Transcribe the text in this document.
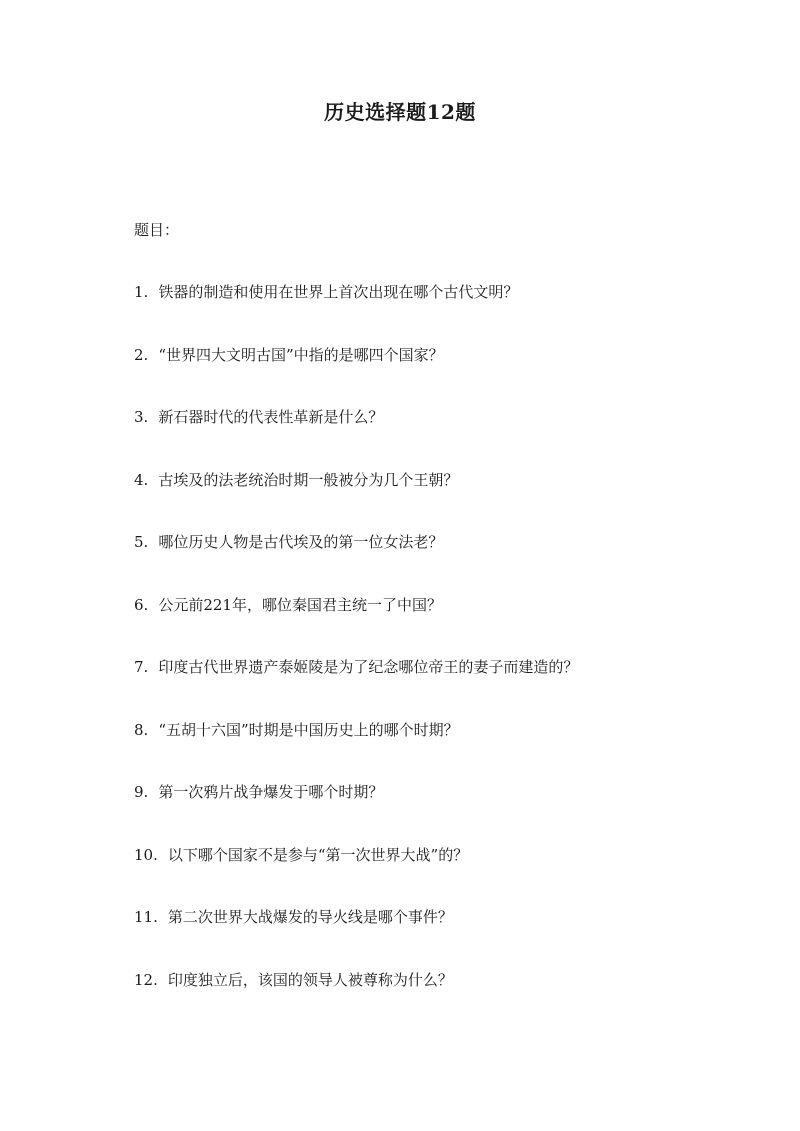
历史选择题12题

题目：

1. 铁器的制造和使用在世界上首次出现在哪个古代文明？
2. “世界四大文明古国”中指的是哪四个国家？
3. 新石器时代的代表性革新是什么？
4. 古埃及的法老统治时期一般被分为几个王朝？
5. 哪位历史人物是古代埃及的第一位女法老？
6. 公元前221年，哪位秦国君主统一了中国？
7. 印度古代世界遗产泰姬陵是为了纪念哪位帝王的妻子而建造的？
8. “五胡十六国”时期是中国历史上的哪个时期？
9. 第一次鸦片战争爆发于哪个时期？
10. 以下哪个国家不是参与“第一次世界大战”的？
11. 第二次世界大战爆发的导火线是哪个事件？
12. 印度独立后，该国的领导人被尊称为什么？
